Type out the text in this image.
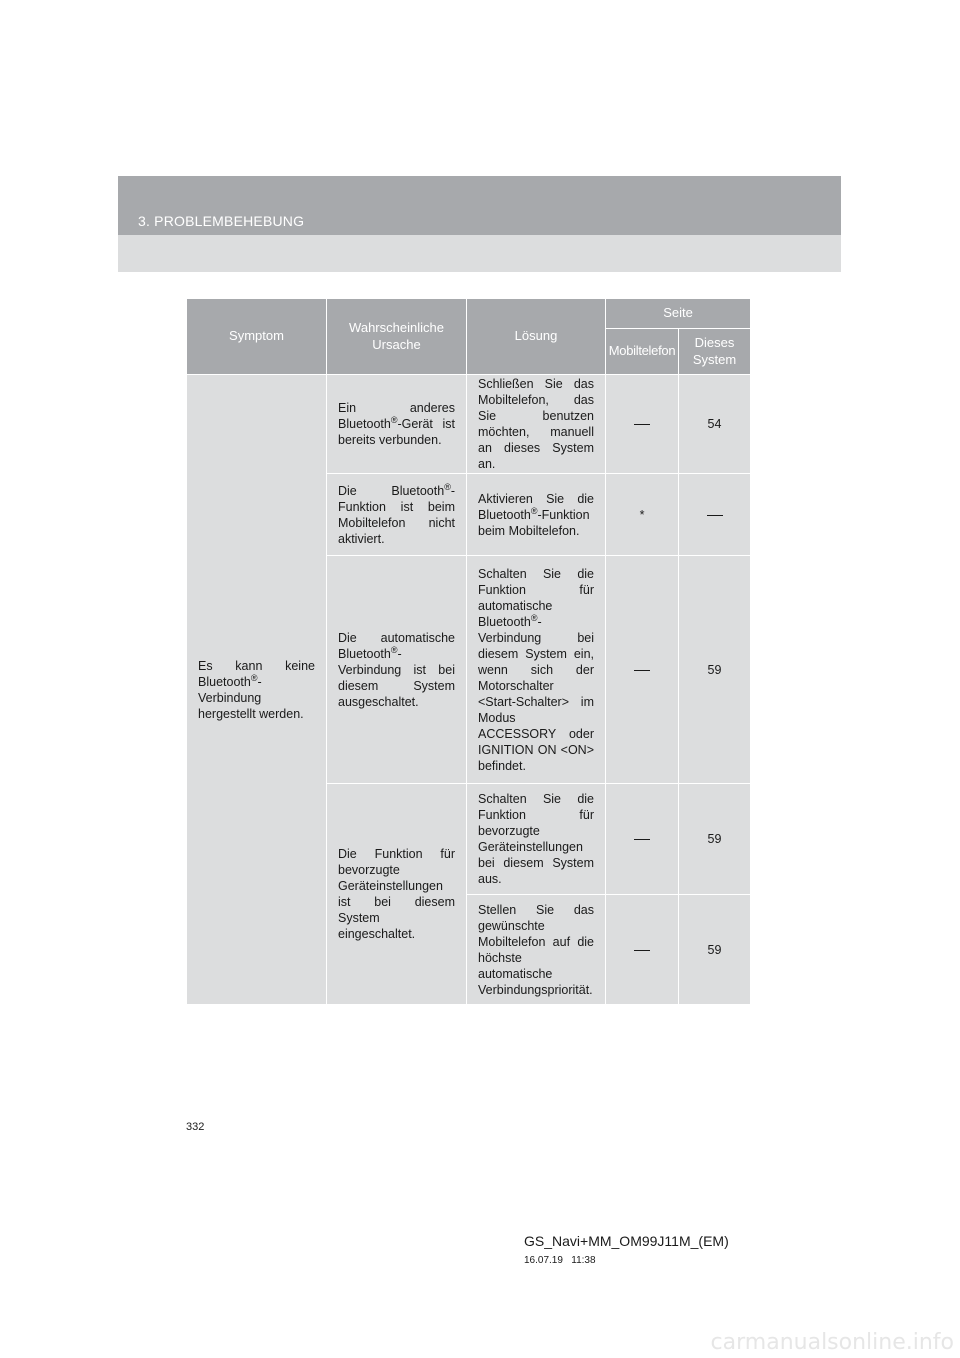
3. PROBLEMBEHEBUNG
Symptom	Wahrscheinliche Ursache	Lösung	Seite	
			Mobiltelefon	Dieses System

Es kann keine Bluetooth®-Verbindung hergestellt werden.	Ein anderes Bluetooth®-Gerät ist bereits verbunden.	Schließen Sie das Mobiltelefon, das Sie benutzen möchten, manuell an dieses System an.		54

	Die Bluetooth®-Funktion ist beim Mobiltelefon nicht aktiviert.	Aktivieren Sie die Bluetooth®-Funktion beim Mobiltelefon.	*	

	Die automatische Bluetooth®-Verbindung ist bei diesem System ausgeschaltet.	Schalten Sie die Funktion für automatische Bluetooth®-Verbindung bei diesem System ein, wenn sich der Motorschalter <Start-Schalter> im Modus ACCESSORY oder IGNITION ON <ON> befindet.		59

	Die Funktion für bevorzugte Geräteinstellungen ist bei diesem System eingeschaltet.	Schalten Sie die Funktion für bevorzugte Geräteinstellungen bei diesem System aus.		59

		Stellen Sie das gewünschte Mobiltelefon auf die höchste automatische Verbindungspriorität.		59
332
GS_Navi+MM_OM99J11M_(EM)
16.07.19   11:38
carmanualsonline.info
